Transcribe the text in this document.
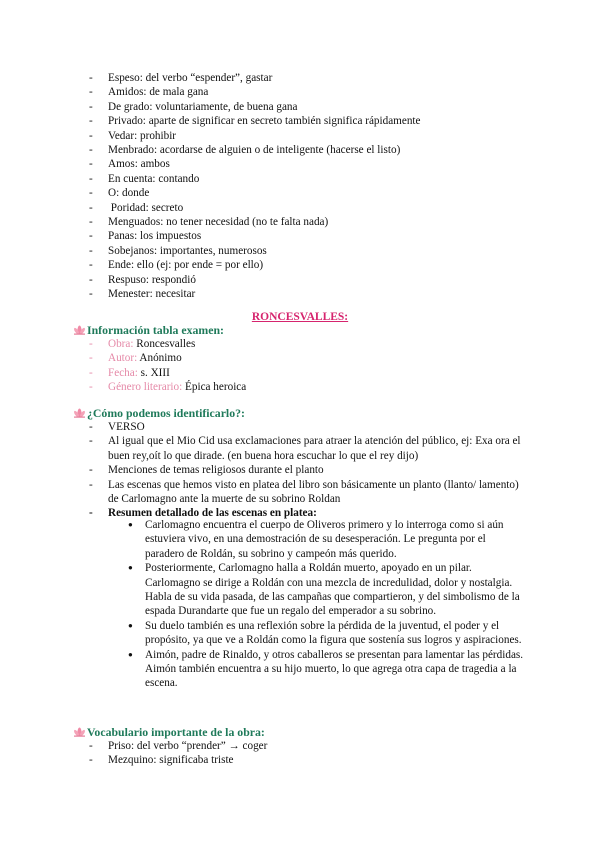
- Espeso: del verbo “espender”, gastar
- Amidos: de mala gana
- De grado: voluntariamente, de buena gana
- Privado: aparte de significar en secreto también significa rápidamente
- Vedar: prohibir
- Menbrado: acordarse de alguien o de inteligente (hacerse el listo)
- Amos: ambos
- En cuenta: contando
- O: donde
-  Poridad: secreto
- Menguados: no tener necesidad (no te falta nada)
- Panas: los impuestos
- Sobejanos: importantes, numerosos
- Ende: ello (ej: por ende = por ello)
- Respuso: respondió
- Menester: necesitar
RONCESVALLES:
Información tabla examen:
- Obra: Roncesvalles
- Autor: Anónimo
- Fecha: s. XIII
- Género literario: Épica heroica
¿Cómo podemos identificarlo?:
- VERSO
- Al igual que el Mio Cid usa exclamaciones para atraer la atención del público, ej: Exa ora el buen rey,oít lo que dirade. (en buena hora escuchar lo que el rey dijo)
- Menciones de temas religiosos durante el planto
- Las escenas que hemos visto en platea del libro son básicamente un planto (llanto/ lamento) de Carlomagno ante la muerte de su sobrino Roldan
- Resumen detallado de las escenas en platea:
● Carlomagno encuentra el cuerpo de Oliveros primero y lo interroga como si aún estuviera vivo, en una demostración de su desesperación. Le pregunta por el paradero de Roldán, su sobrino y campeón más querido.
● Posteriormente, Carlomagno halla a Roldán muerto, apoyado en un pilar. Carlomagno se dirige a Roldán con una mezcla de incredulidad, dolor y nostalgia. Habla de su vida pasada, de las campañas que compartieron, y del simbolismo de la espada Durandarte que fue un regalo del emperador a su sobrino.
● Su duelo también es una reflexión sobre la pérdida de la juventud, el poder y el propósito, ya que ve a Roldán como la figura que sostenía sus logros y aspiraciones.
● Aimón, padre de Rinaldo, y otros caballeros se presentan para lamentar las pérdidas. Aimón también encuentra a su hijo muerto, lo que agrega otra capa de tragedia a la escena.
Vocabulario importante de la obra:
- Priso: del verbo “prender” → coger
- Mezquino: significaba triste
